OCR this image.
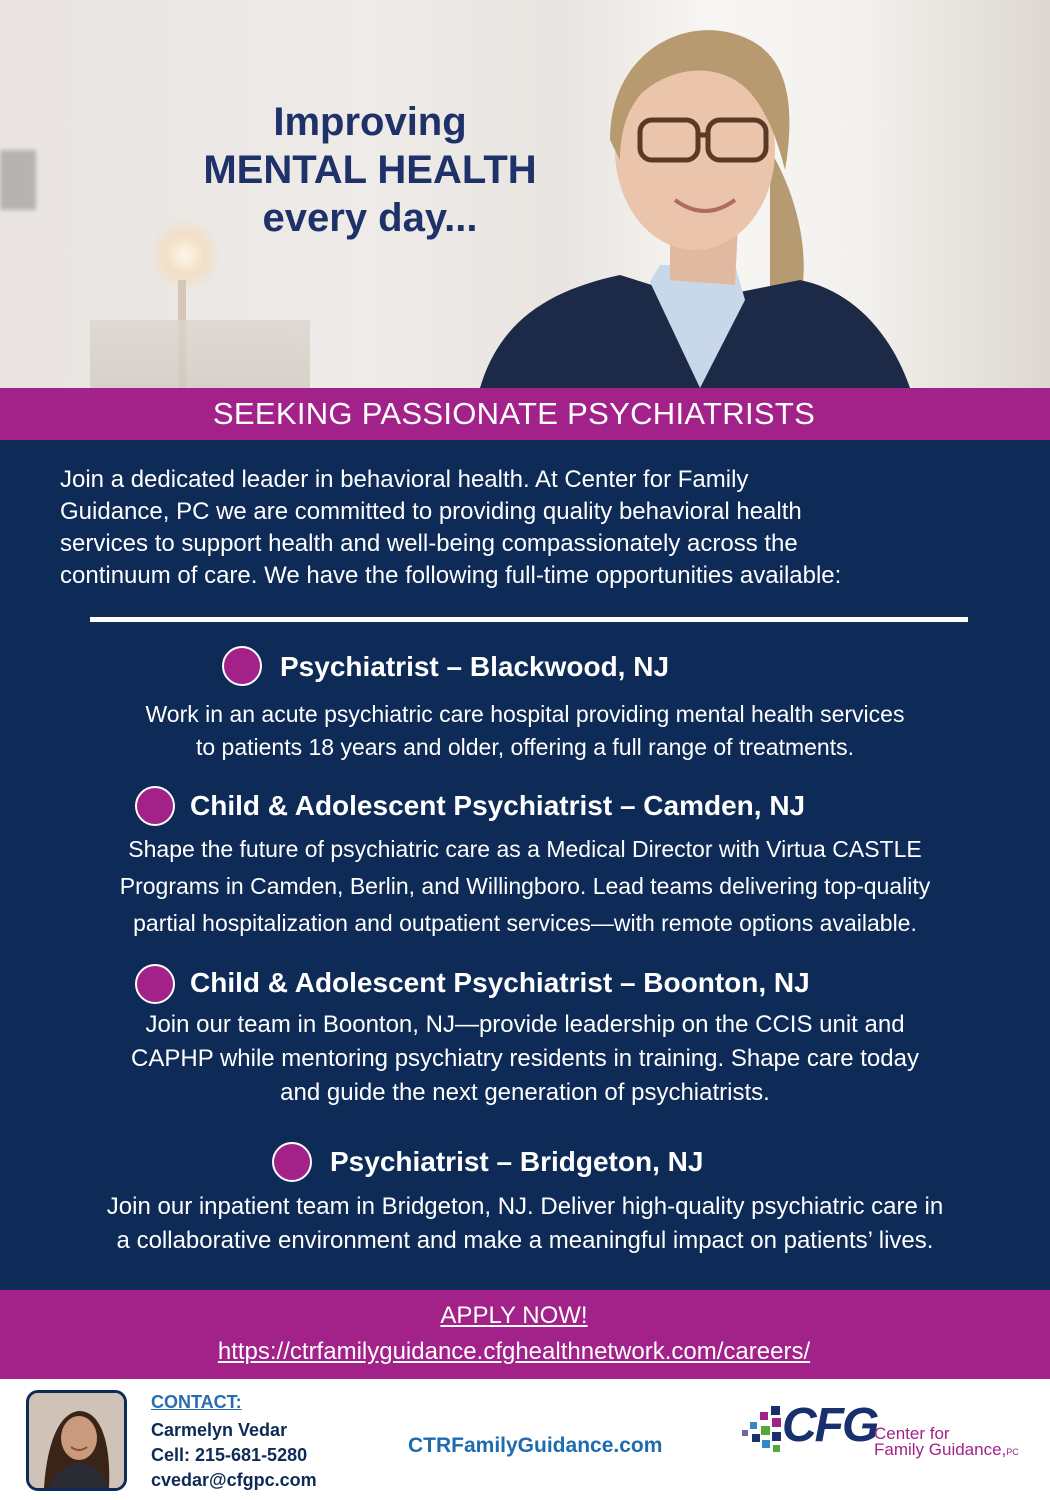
Improving
MENTAL HEALTH
every day...
SEEKING PASSIONATE PSYCHIATRISTS
Join a dedicated leader in behavioral health. At Center for Family
Guidance, PC we are committed to providing quality behavioral health
services to support health and well-being compassionately across the
continuum of care. We have the following full-time opportunities available:
Psychiatrist – Blackwood, NJ
Work in an acute psychiatric care hospital providing mental health services
to patients 18 years and older, offering a full range of treatments.
Child & Adolescent Psychiatrist – Camden, NJ
Shape the future of psychiatric care as a Medical Director with Virtua CASTLE
Programs in Camden, Berlin, and Willingboro. Lead teams delivering top-quality
partial hospitalization and outpatient services—with remote options available.
Child & Adolescent Psychiatrist – Boonton, NJ
Join our team in Boonton, NJ—provide leadership on the CCIS unit and
CAPHP while mentoring psychiatry residents in training. Shape care today
and guide the next generation of psychiatrists.
Psychiatrist – Bridgeton, NJ
Join our inpatient team in Bridgeton, NJ. Deliver high-quality psychiatric care in
a collaborative environment and make a meaningful impact on patients’ lives.
APPLY NOW!
https://ctrfamilyguidance.cfghealthnetwork.com/careers/
CONTACT:
Carmelyn Vedar
Cell: 215-681-5280
cvedar@cfgpc.com
CTRFamilyGuidance.com CFG
Center for
Family Guidance,PC
